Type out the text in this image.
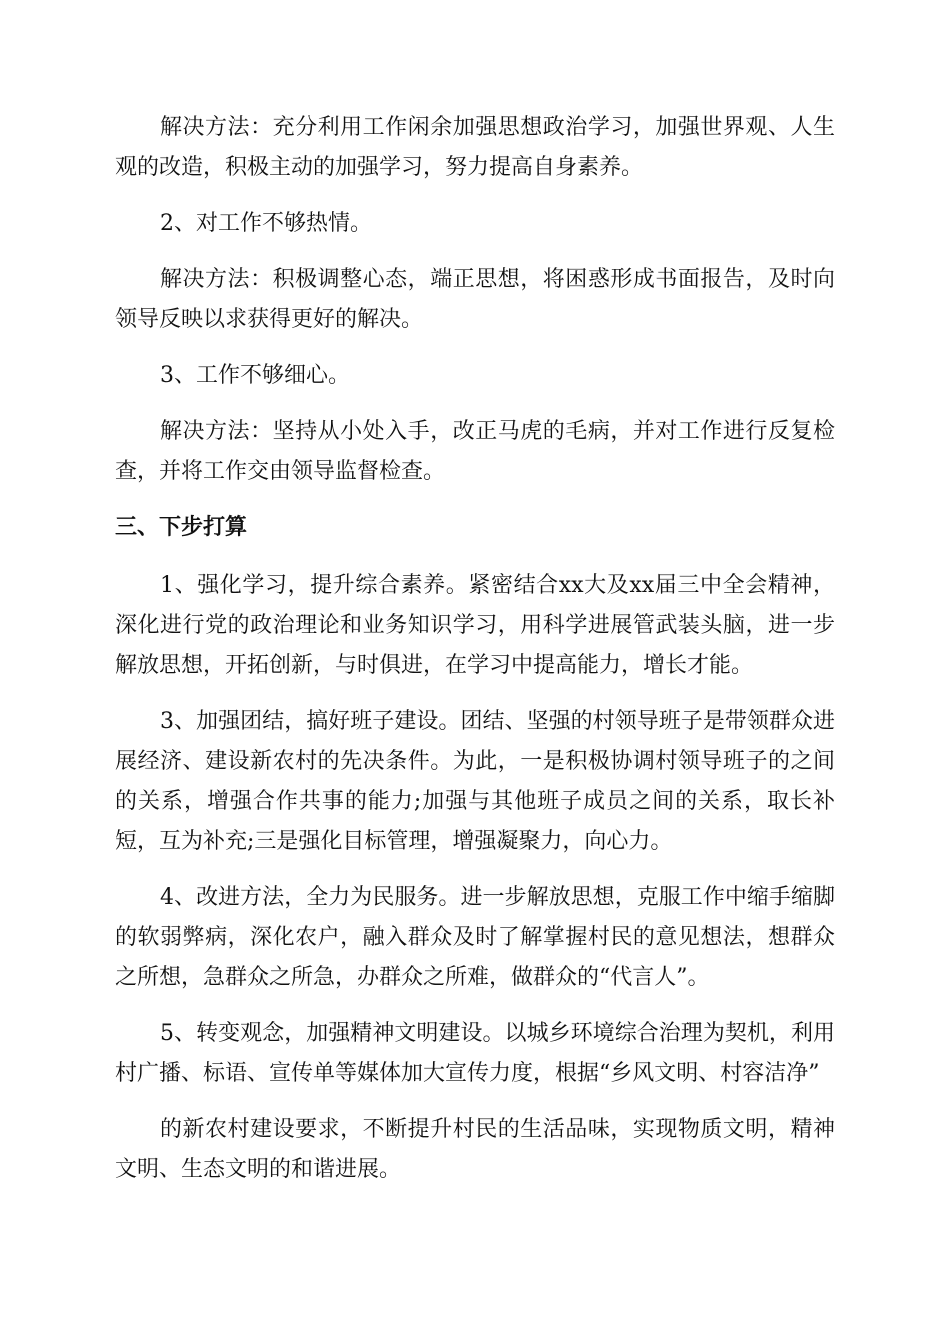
解决方法：充分利用工作闲余加强思想政治学习，加强世界观、人生观的改造，积极主动的加强学习，努力提高自身素养。

2、对工作不够热情。

解决方法：积极调整心态，端正思想，将困惑形成书面报告，及时向领导反映以求获得更好的解决。

3、工作不够细心。

解决方法：坚持从小处入手，改正马虎的毛病，并对工作进行反复检查，并将工作交由领导监督检查。

三、下步打算

1、强化学习，提升综合素养。紧密结合xx大及xx届三中全会精神，深化进行党的政治理论和业务知识学习，用科学进展管武装头脑，进一步解放思想，开拓创新，与时俱进，在学习中提高能力，增长才能。

3、加强团结，搞好班子建设。团结、坚强的村领导班子是带领群众进展经济、建设新农村的先决条件。为此，一是积极协调村领导班子的之间的关系，增强合作共事的能力;加强与其他班子成员之间的关系，取长补短，互为补充;三是强化目标管理，增强凝聚力，向心力。

4、改进方法，全力为民服务。进一步解放思想，克服工作中缩手缩脚的软弱弊病，深化农户，融入群众及时了解掌握村民的意见想法，想群众之所想，急群众之所急，办群众之所难，做群众的“代言人”。

5、转变观念，加强精神文明建设。以城乡环境综合治理为契机，利用村广播、标语、宣传单等媒体加大宣传力度，根据“乡风文明、村容洁净”

的新农村建设要求，不断提升村民的生活品味，实现物质文明，精神文明、生态文明的和谐进展。
